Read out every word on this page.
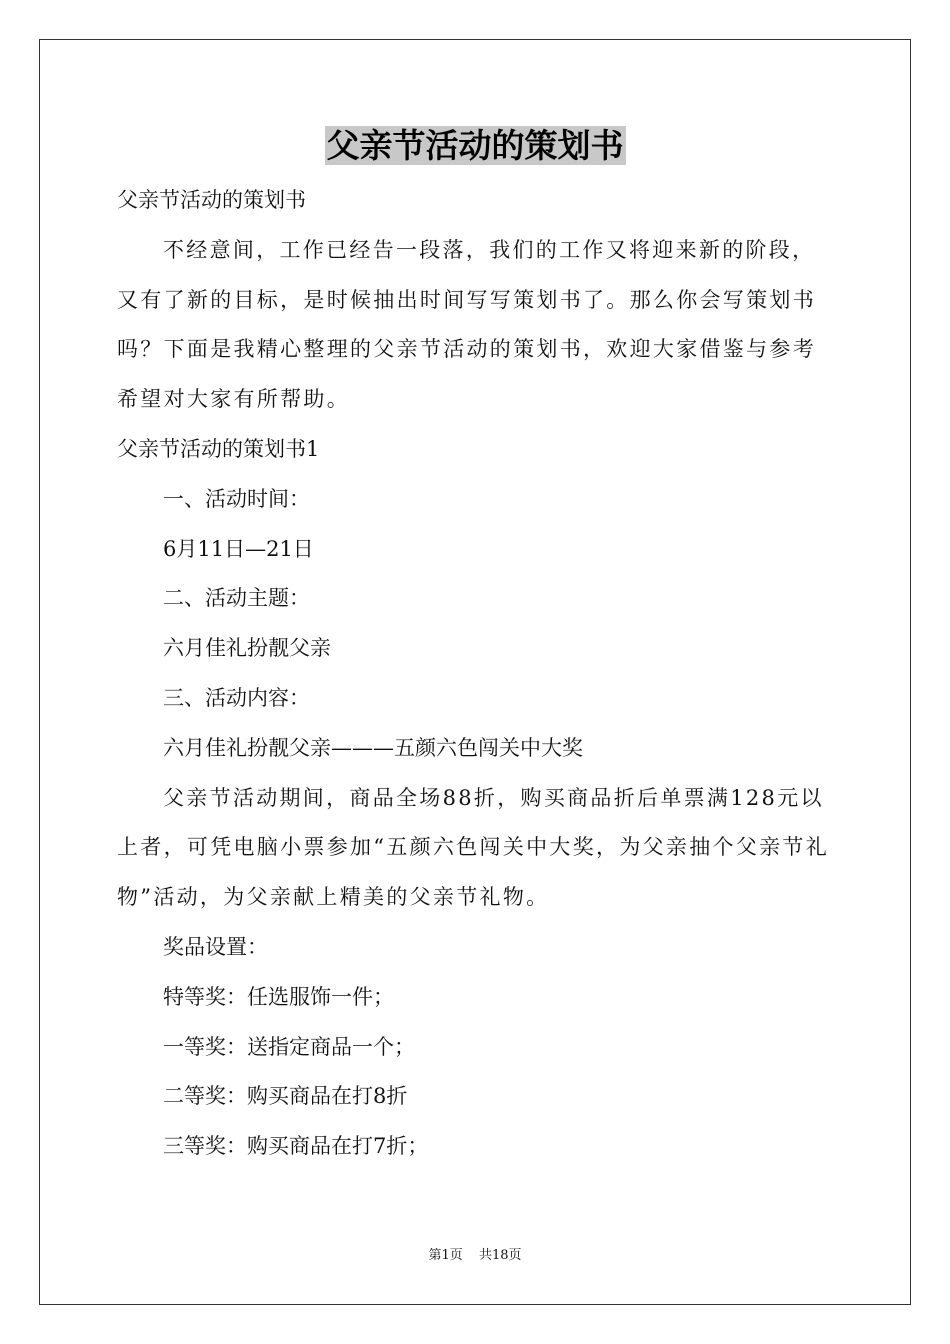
父亲节活动的策划书
父亲节活动的策划书
不经意间，工作已经告一段落，我们的工作又将迎来新的阶段，又有了新的目标，是时候抽出时间写写策划书了。那么你会写策划书吗？下面是我精心整理的父亲节活动的策划书，欢迎大家借鉴与参考希望对大家有所帮助。
父亲节活动的策划书1
一、活动时间：
6月11日—21日
二、活动主题：
六月佳礼扮靓父亲
三、活动内容：
六月佳礼扮靓父亲———五颜六色闯关中大奖
父亲节活动期间，商品全场88折，购买商品折后单票满128元以上者，可凭电脑小票参加“五颜六色闯关中大奖，为父亲抽个父亲节礼物”活动，为父亲献上精美的父亲节礼物。
奖品设置：
特等奖：任选服饰一件；
一等奖：送指定商品一个；
二等奖：购买商品在打8折
三等奖：购买商品在打7折；
第1页 共18页
